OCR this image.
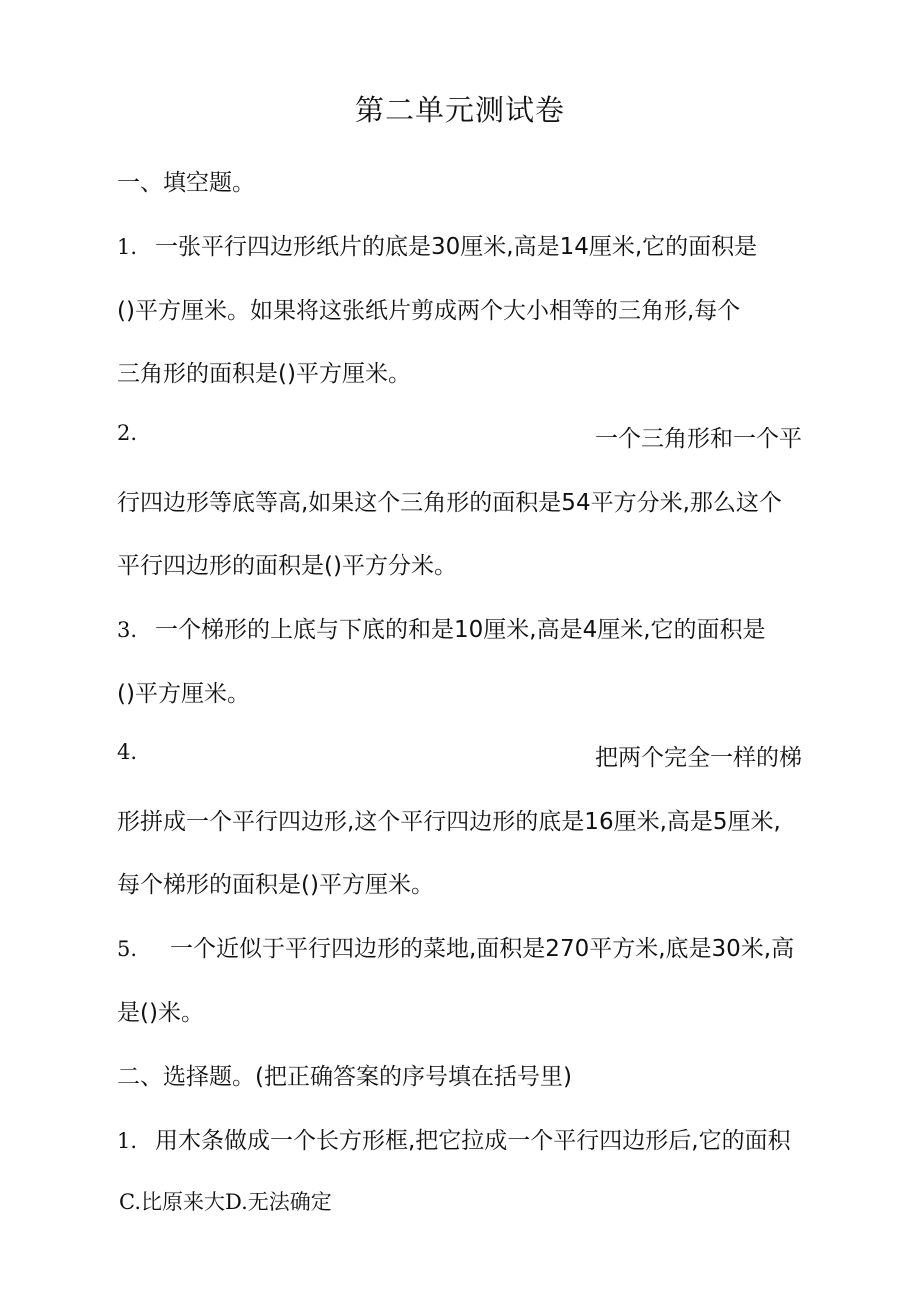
第二单元测试卷
一、填空题。
1. 一张平行四边形纸片的底是30厘米,高是14厘米,它的面积是
()平方厘米。如果将这张纸片剪成两个大小相等的三角形,每个
三角形的面积是()平方厘米。
2.	一个三角形和一个平
行四边形等底等高,如果这个三角形的面积是54平方分米,那么这个
平行四边形的面积是()平方分米。
3. 一个梯形的上底与下底的和是10厘米,高是4厘米,它的面积是
()平方厘米。
4.	把两个完全一样的梯
形拼成一个平行四边形,这个平行四边形的底是16厘米,高是5厘米,
每个梯形的面积是()平方厘米。
5. 一个近似于平行四边形的菜地,面积是270平方米,底是30米,高
是()米。
二、选择题。(把正确答案的序号填在括号里)
1. 用木条做成一个长方形框,把它拉成一个平行四边形后,它的面积
C.比原来大D.无法确定
